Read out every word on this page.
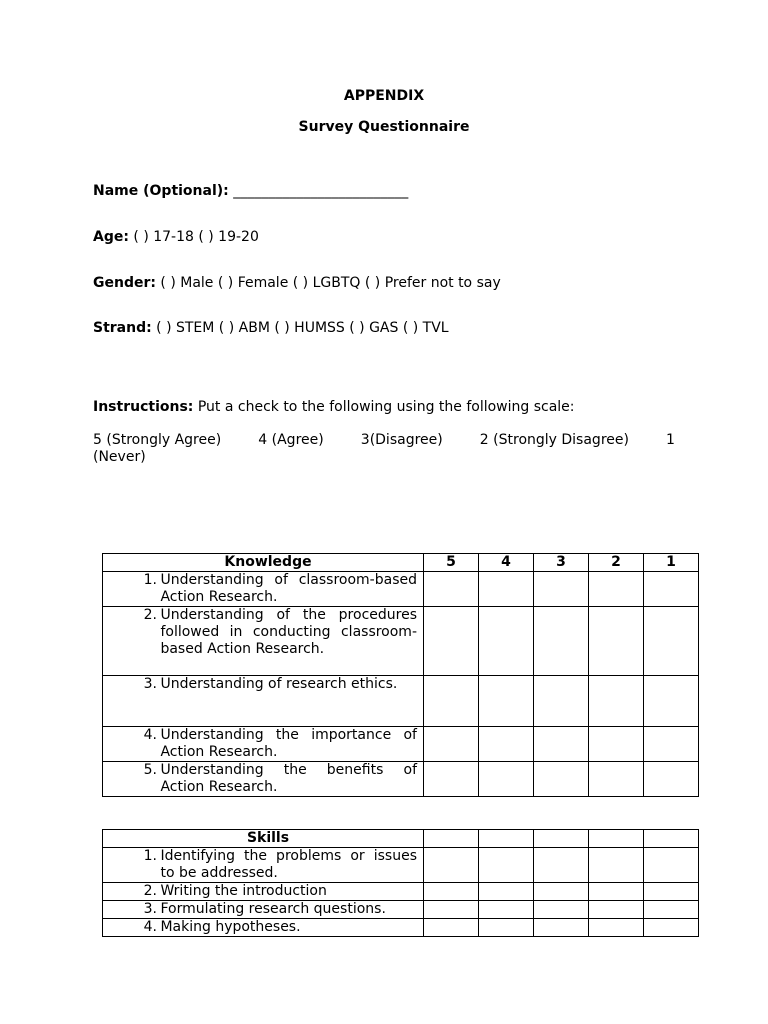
APPENDIX
Survey Questionnaire
Name (Optional): _________________________
Age: ( ) 17-18 ( ) 19-20
Gender: ( ) Male ( ) Female ( ) LGBTQ ( ) Prefer not to say
Strand: ( ) STEM ( ) ABM ( ) HUMSS ( ) GAS ( ) TVL
Instructions: Put a check to the following using the following scale:
5 (Strongly Agree)	4 (Agree)	3(Disagree)	2 (Strongly Disagree)	1
(Never)
Knowledge	5	4	3	2	1

1.
Understanding of classroom-based Action Research.					

2.
Understanding of the procedures followed in conducting classroom-based Action Research.					

3.
Understanding of research ethics.					

4.
Understanding the importance of Action Research.					

5.
Understanding the benefits of Action Research.					

Skills					

1.
Identifying the problems or issues to be addressed.					

2.
Writing the introduction					

3.
Formulating research questions.					

4.
Making hypotheses.					
